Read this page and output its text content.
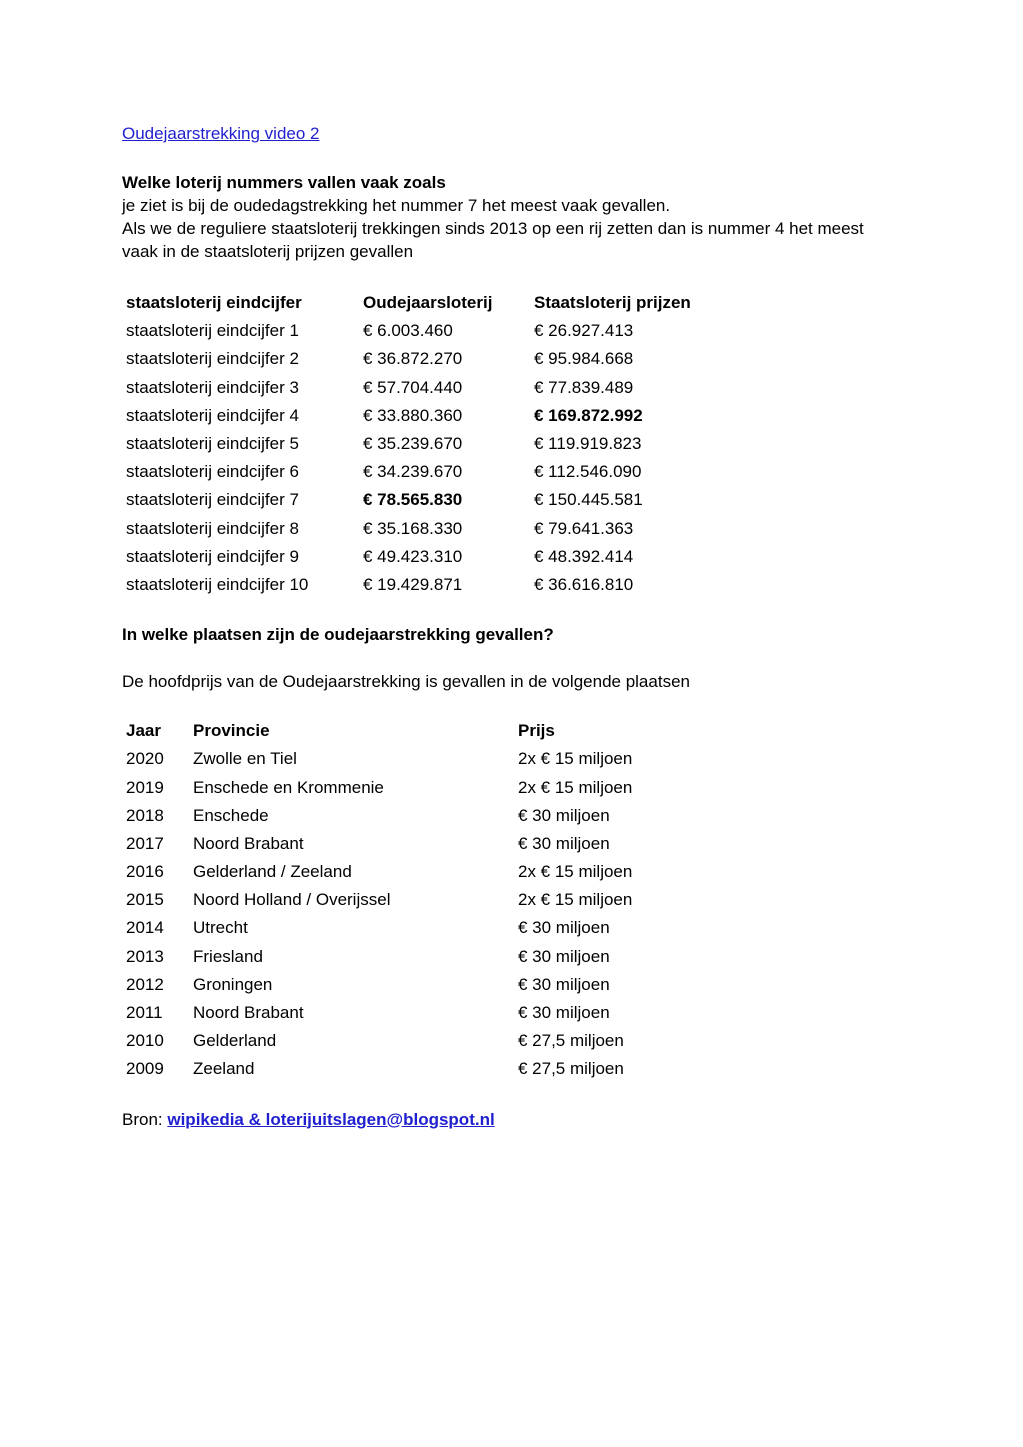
Oudejaarstrekking video 2
Welke loterij nummers vallen vaak zoals
je ziet is bij de oudedagstrekking het nummer 7 het meest vaak gevallen.
Als we de reguliere staatsloterij trekkingen sinds 2013 op een rij zetten dan is nummer 4 het meest
vaak in de staatsloterij prijzen gevallen
staatsloterij eindcijfer	Oudejaarsloterij	Staatsloterij prijzen
staatsloterij eindcijfer 1	€ 6.003.460	€ 26.927.413
staatsloterij eindcijfer 2	€ 36.872.270	€ 95.984.668
staatsloterij eindcijfer 3	€ 57.704.440	€ 77.839.489
staatsloterij eindcijfer 4	€ 33.880.360	€ 169.872.992
staatsloterij eindcijfer 5	€ 35.239.670	€ 119.919.823
staatsloterij eindcijfer 6	€ 34.239.670	€ 112.546.090
staatsloterij eindcijfer 7	€ 78.565.830	€ 150.445.581
staatsloterij eindcijfer 8	€ 35.168.330	€ 79.641.363
staatsloterij eindcijfer 9	€ 49.423.310	€ 48.392.414
staatsloterij eindcijfer 10	€ 19.429.871	€ 36.616.810
In welke plaatsen zijn de oudejaarstrekking gevallen?
De hoofdprijs van de Oudejaarstrekking is gevallen in de volgende plaatsen
Jaar	Provincie	Prijs
2020	Zwolle en Tiel	2x € 15 miljoen
2019	Enschede en Krommenie	2x € 15 miljoen
2018	Enschede	€ 30 miljoen
2017	Noord Brabant	€ 30 miljoen
2016	Gelderland / Zeeland	2x € 15 miljoen
2015	Noord Holland / Overijssel	2x € 15 miljoen
2014	Utrecht	€ 30 miljoen
2013	Friesland	€ 30 miljoen
2012	Groningen	€ 30 miljoen
2011	Noord Brabant	€ 30 miljoen
2010	Gelderland	€ 27,5 miljoen
2009	Zeeland	€ 27,5 miljoen
Bron: wipikedia & loterijuitslagen@blogspot.nl
